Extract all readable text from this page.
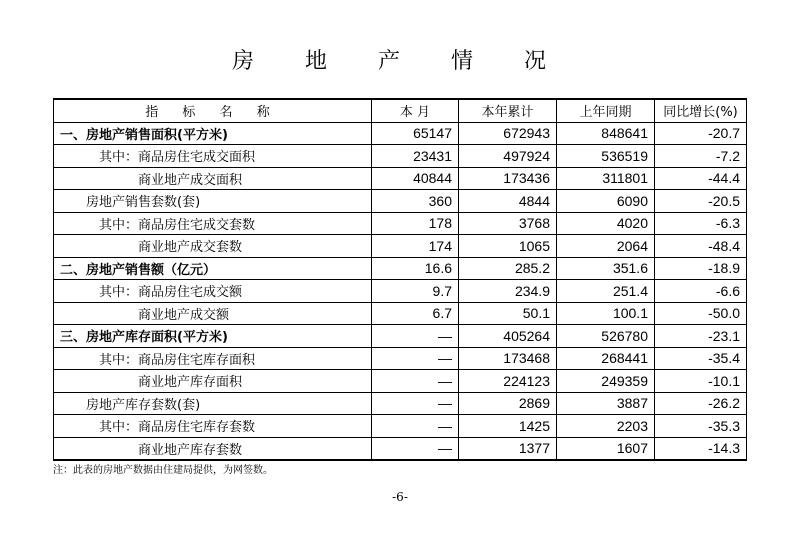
房 地 产 情 况
指 标 名 称	本 月	本年累计	上年同期	同比增长(%)
一、房地产销售面积(平方米)	65147	672943	848641	-20.7
其中：商品房住宅成交面积	23431	497924	536519	-7.2
商业地产成交面积	40844	173436	311801	-44.4
房地产销售套数(套)	360	4844	6090	-20.5
其中：商品房住宅成交套数	178	3768	4020	-6.3
商业地产成交套数	174	1065	2064	-48.4
二、房地产销售额（亿元）	16.6	285.2	351.6	-18.9
其中：商品房住宅成交额	9.7	234.9	251.4	-6.6
商业地产成交额	6.7	50.1	100.1	-50.0
三、房地产库存面积(平方米)	—	405264	526780	-23.1
其中：商品房住宅库存面积	—	173468	268441	-35.4
商业地产库存面积	—	224123	249359	-10.1
房地产库存套数(套)	—	2869	3887	-26.2
其中：商品房住宅库存套数	—	1425	2203	-35.3
商业地产库存套数	—	1377	1607	-14.3
注：此表的房地产数据由住建局提供，为网签数。
-6-
